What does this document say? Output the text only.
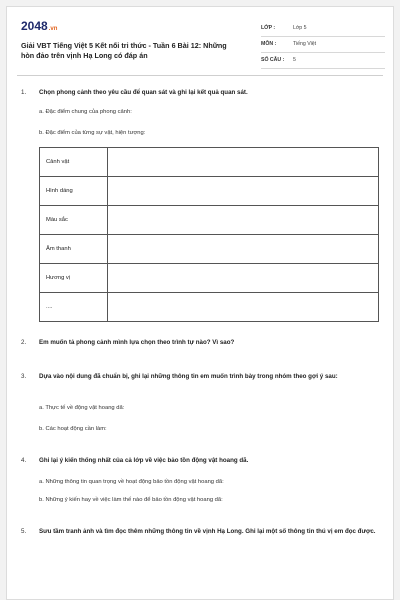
2048.vn
Giải VBT Tiếng Việt 5 Kết nối tri thức - Tuần 6 Bài 12: Những hòn đảo trên vịnh Hạ Long có đáp án
LỚP :	Lớp 5
MÔN :	Tiếng Việt
SỐ CÂU : 5
1. Chọn phong cảnh theo yêu cầu để quan sát và ghi lại kết quả quan sát.
a. Đặc điểm chung của phong cảnh:
b. Đặc điểm của từng sự vật, hiện tượng:
Cảnh vật	
Hình dáng	
Màu sắc	
Âm thanh	
Hương vị	
....	
2. Em muốn tả phong cảnh mình lựa chọn theo trình tự nào? Vì sao?
3. Dựa vào nội dung đã chuẩn bị, ghi lại những thông tin em muốn trình bày trong nhóm theo gợi ý sau:
a. Thực tế về động vật hoang dã:
b. Các hoạt động cần làm:
4. Ghi lại ý kiến thống nhất của cả lớp về việc bảo tồn động vật hoang dã.
a. Những thông tin quan trọng về hoạt động bảo tồn động vật hoang dã:
b. Những ý kiến hay về việc làm thế nào để bảo tồn động vật hoang dã:
5. Sưu tầm tranh ảnh và tìm đọc thêm những thông tin về vịnh Hạ Long. Ghi lại một số thông tin thú vị em đọc được.
